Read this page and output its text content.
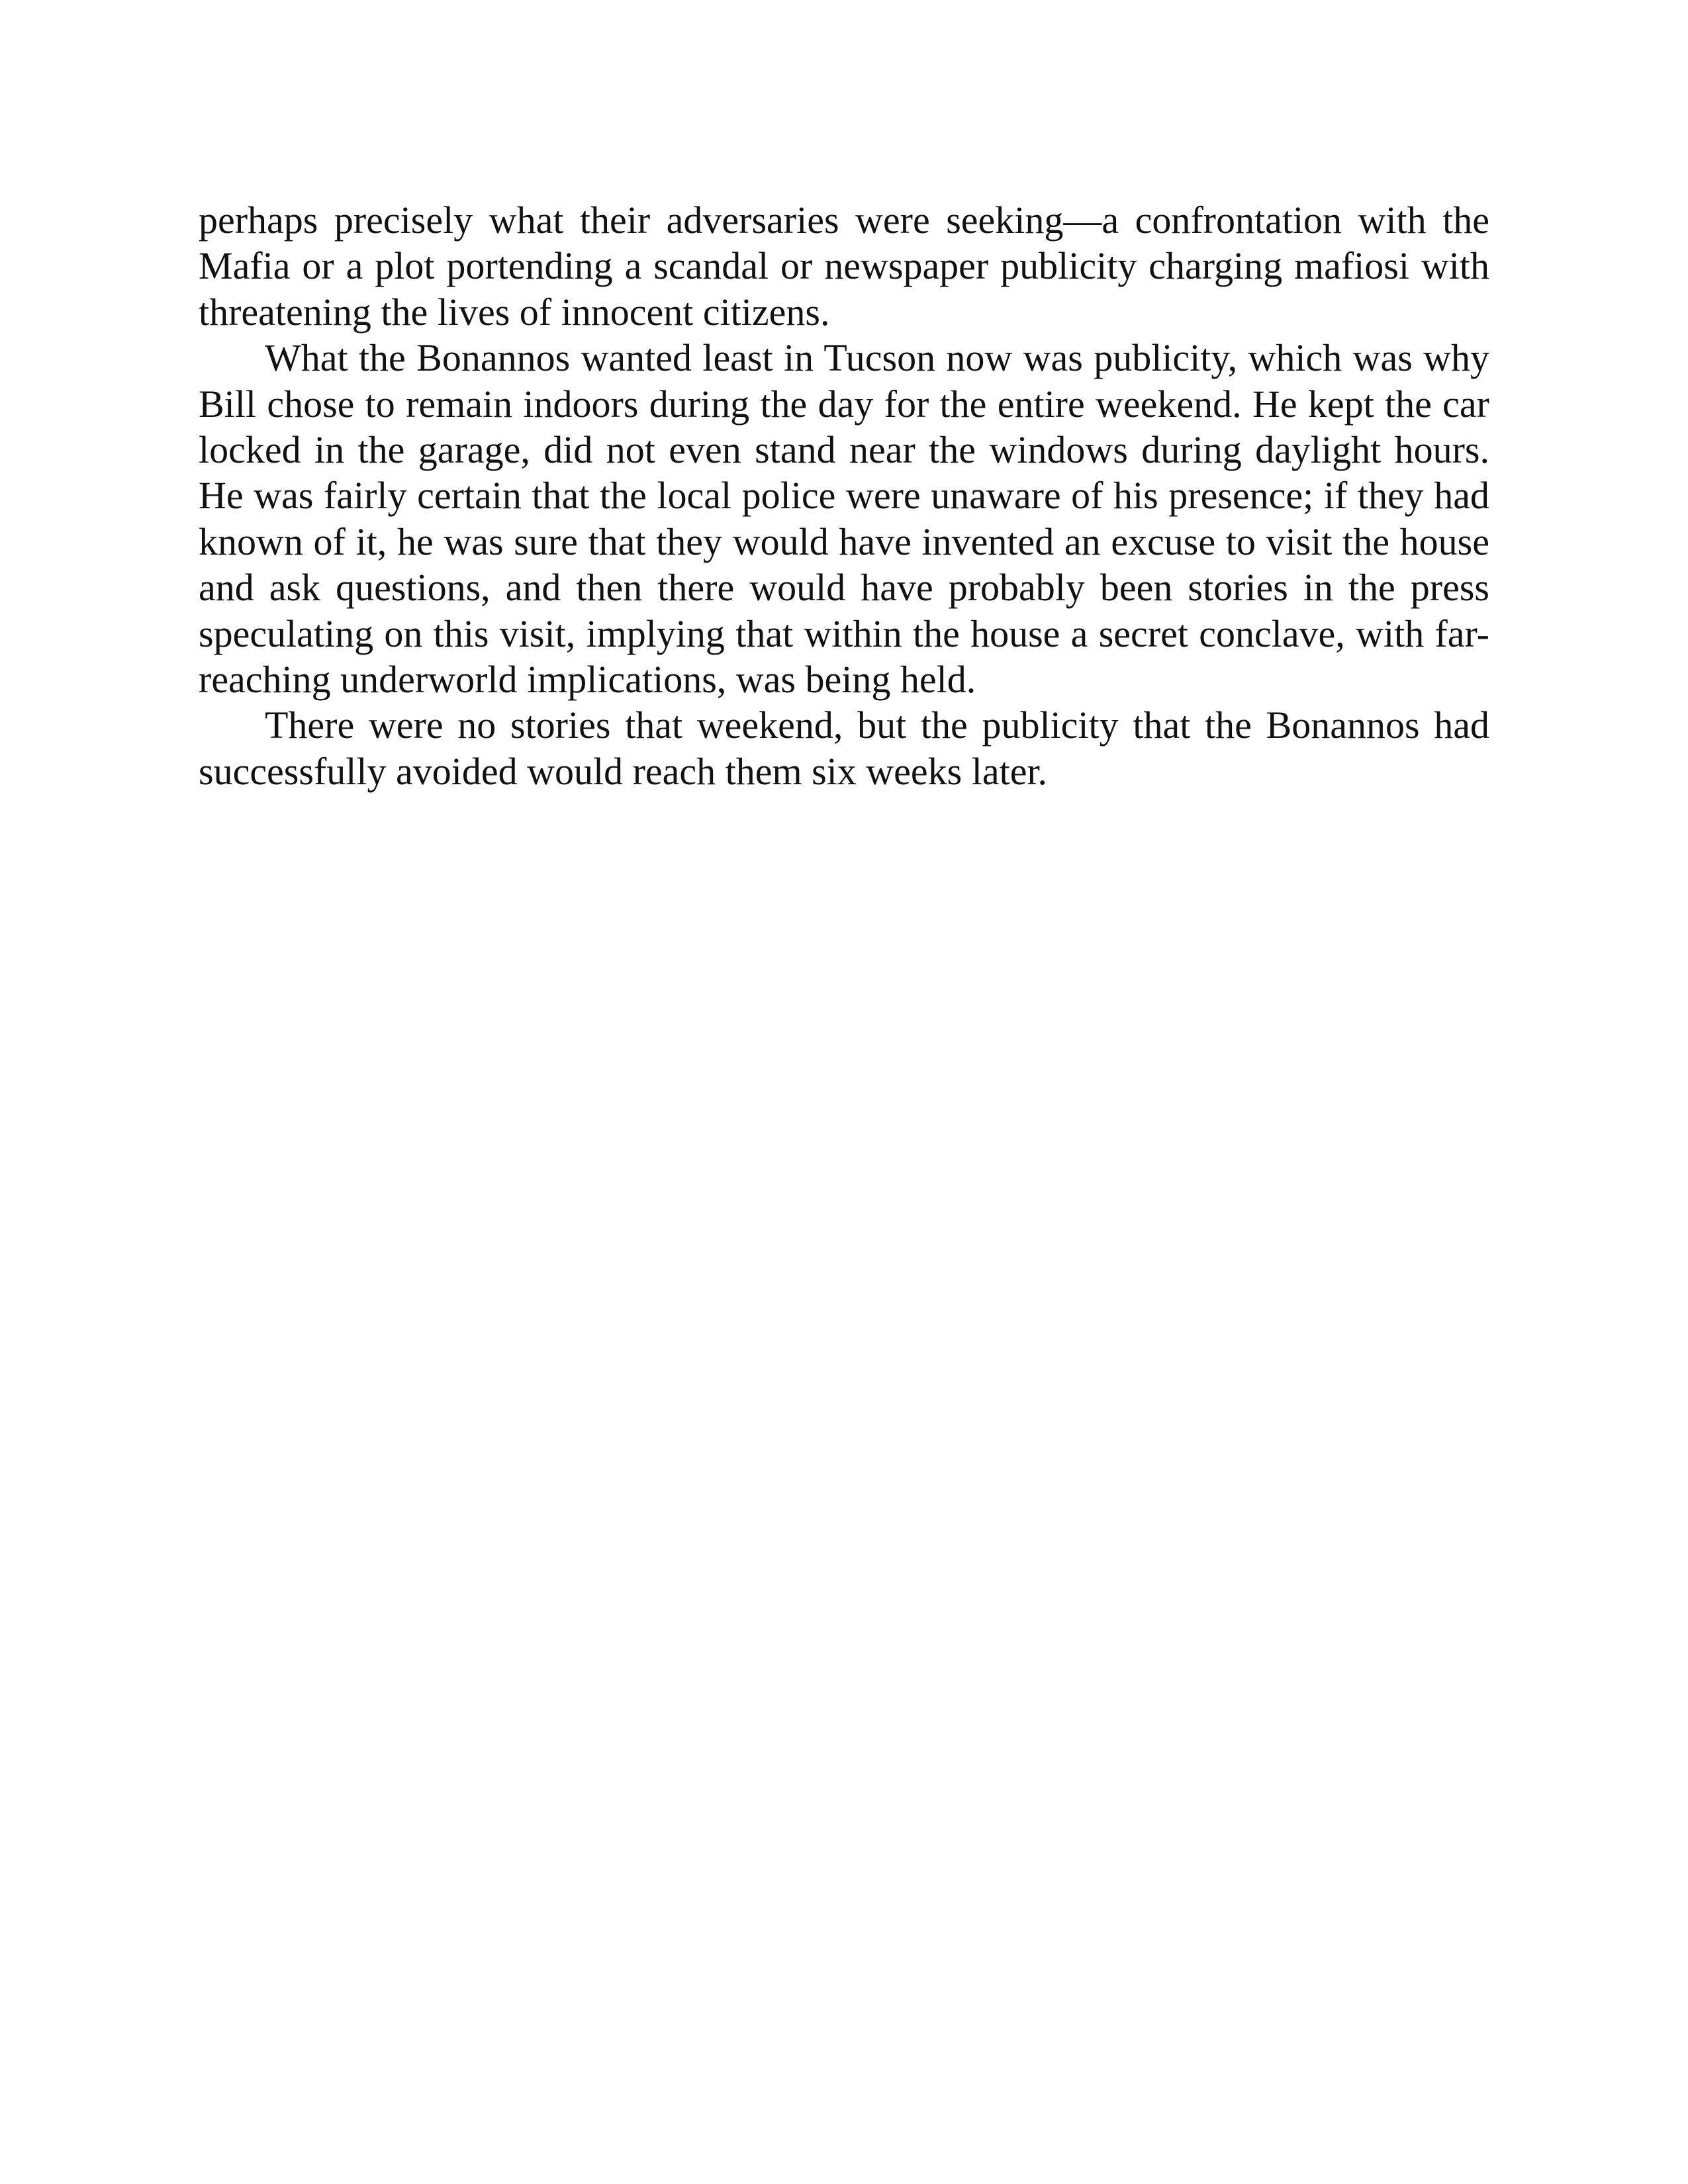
perhaps precisely what their adversaries were seeking—a confrontation with the Mafia or a plot portending a scandal or newspaper publicity charging mafiosi with threatening the lives of innocent citizens.

What the Bonannos wanted least in Tucson now was publicity, which was why Bill chose to remain indoors during the day for the entire weekend. He kept the car locked in the garage, did not even stand near the windows during daylight hours. He was fairly certain that the local police were unaware of his presence; if they had known of it, he was sure that they would have invented an excuse to visit the house and ask questions, and then there would have probably been stories in the press speculating on this visit, implying that within the house a secret conclave, with far-reaching underworld implications, was being held.

There were no stories that weekend, but the publicity that the Bonannos had successfully avoided would reach them six weeks later.
